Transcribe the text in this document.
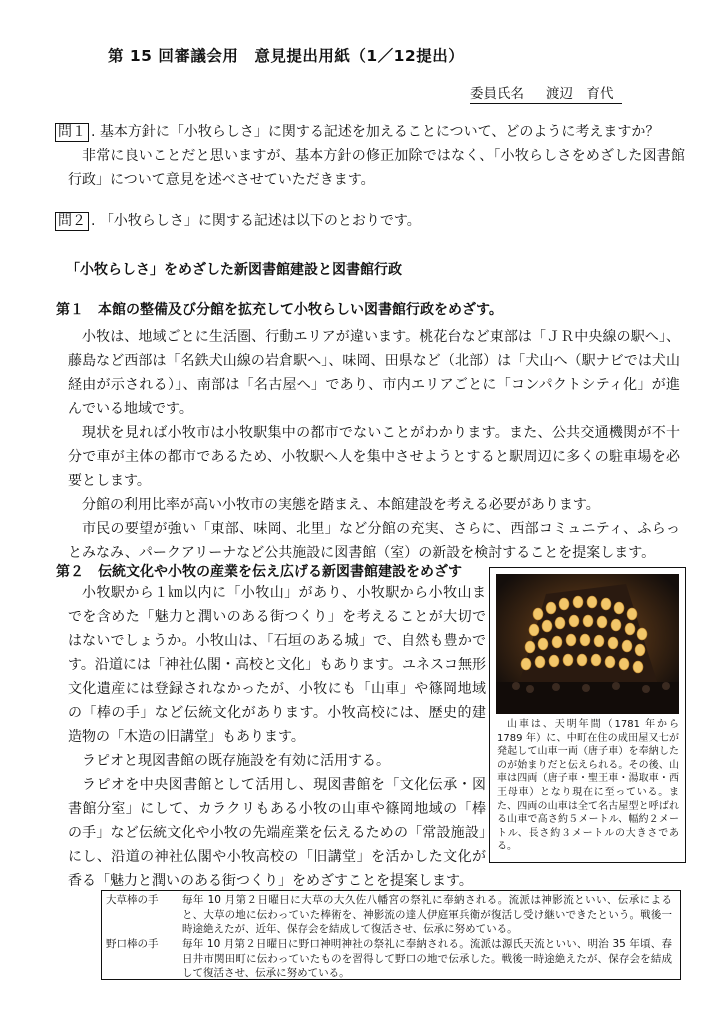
第 15 回審議会用　意見提出用紙（1／12提出）
委員氏名 渡辺　育代
問１ . 基本方針に「小牧らしさ」に関する記述を加えることについて、どのように考えますか？

非常に良いことだと思いますが、基本方針の修正加除ではなく、「小牧らしさをめざした図書館行政」について意見を述べさせていただきます。

問２ . 「小牧らしさ」に関する記述は以下のとおりです。
「小牧らしさ」をめざした新図書館建設と図書館行政
第１　本館の整備及び分館を拡充して小牧らしい図書館行政をめざす。

小牧は、地域ごとに生活圏、行動エリアが違います。桃花台など東部は「ＪＲ中央線の駅へ」、藤島など西部は「名鉄犬山線の岩倉駅へ」、味岡、田県など（北部）は「犬山へ（駅ナビでは犬山経由が示される）」、南部は「名古屋へ」であり、市内エリアごとに「コンパクトシティ化」が進んでいる地域です。

現状を見れば小牧市は小牧駅集中の都市でないことがわかります。また、公共交通機関が不十分で車が主体の都市であるため、小牧駅へ人を集中させようとすると駅周辺に多くの駐車場を必要とします。

分館の利用比率が高い小牧市の実態を踏まえ、本館建設を考える必要があります。

市民の要望が強い「東部、味岡、北里」など分館の充実、さらに、西部コミュニティ、ふらっとみなみ、パークアリーナなど公共施設に図書館（室）の新設を検討することを提案します。

第２　伝統文化や小牧の産業を伝え広げる新図書館建設をめざす

小牧駅から１㎞以内に「小牧山」があり、小牧駅から小牧山までを含めた「魅力と潤いのある街つくり」を考えることが大切ではないでしょうか。小牧山は、「石垣のある城」で、自然も豊かです。沿道には「神社仏閣・高校と文化」もあります。ユネスコ無形文化遺産には登録されなかったが、小牧にも「山車」や篠岡地域の「棒の手」など伝統文化があります。小牧高校には、歴史的建造物の「木造の旧講堂」もあります。

ラピオと現図書館の既存施設を有効に活用する。

ラピオを中央図書館として活用し、現図書館を「文化伝承・図書館分室」にして、カラクリもある小牧の山車や篠岡地域の「棒の手」など伝統文化や小牧の先端産業を伝えるための「常設施設」にし、沿道の神社仏閣や小牧高校の「旧講堂」を活かした文化が香る「魅力と潤いのある街つくり」をめざすことを提案します。

山車は、天明年間（1781 年から 1789 年）に、中町在住の成田屋又七が発起して山車一両（唐子車）を奉納したのが始まりだと伝えられる。その後、山車は四両（唐子車・聖王車・湯取車・西王母車）となり現在に至っている。また、四両の山車は全て名古屋型と呼ばれる山車で高さ約５メートル、幅約２メートル、長さ約３メートルの大きさである。

大草棒の手 毎年 10 月第２日曜日に大草の大久佐八幡宮の祭礼に奉納される。流派は神影流といい、伝承によると、大草の地に伝わっていた棒術を、神影流の達人伊庭軍兵衛が復活し受け継いできたという。戦後一時途絶えたが、近年、保存会を結成して復活させ、伝承に努めている。
野口棒の手 毎年 10 月第２日曜日に野口神明神社の祭礼に奉納される。流派は源氏天流といい、明治 35 年頃、春日井市関田町に伝わっていたものを習得して野口の地で伝承した。戦後一時途絶えたが、保存会を結成して復活させ、伝承に努めている。
